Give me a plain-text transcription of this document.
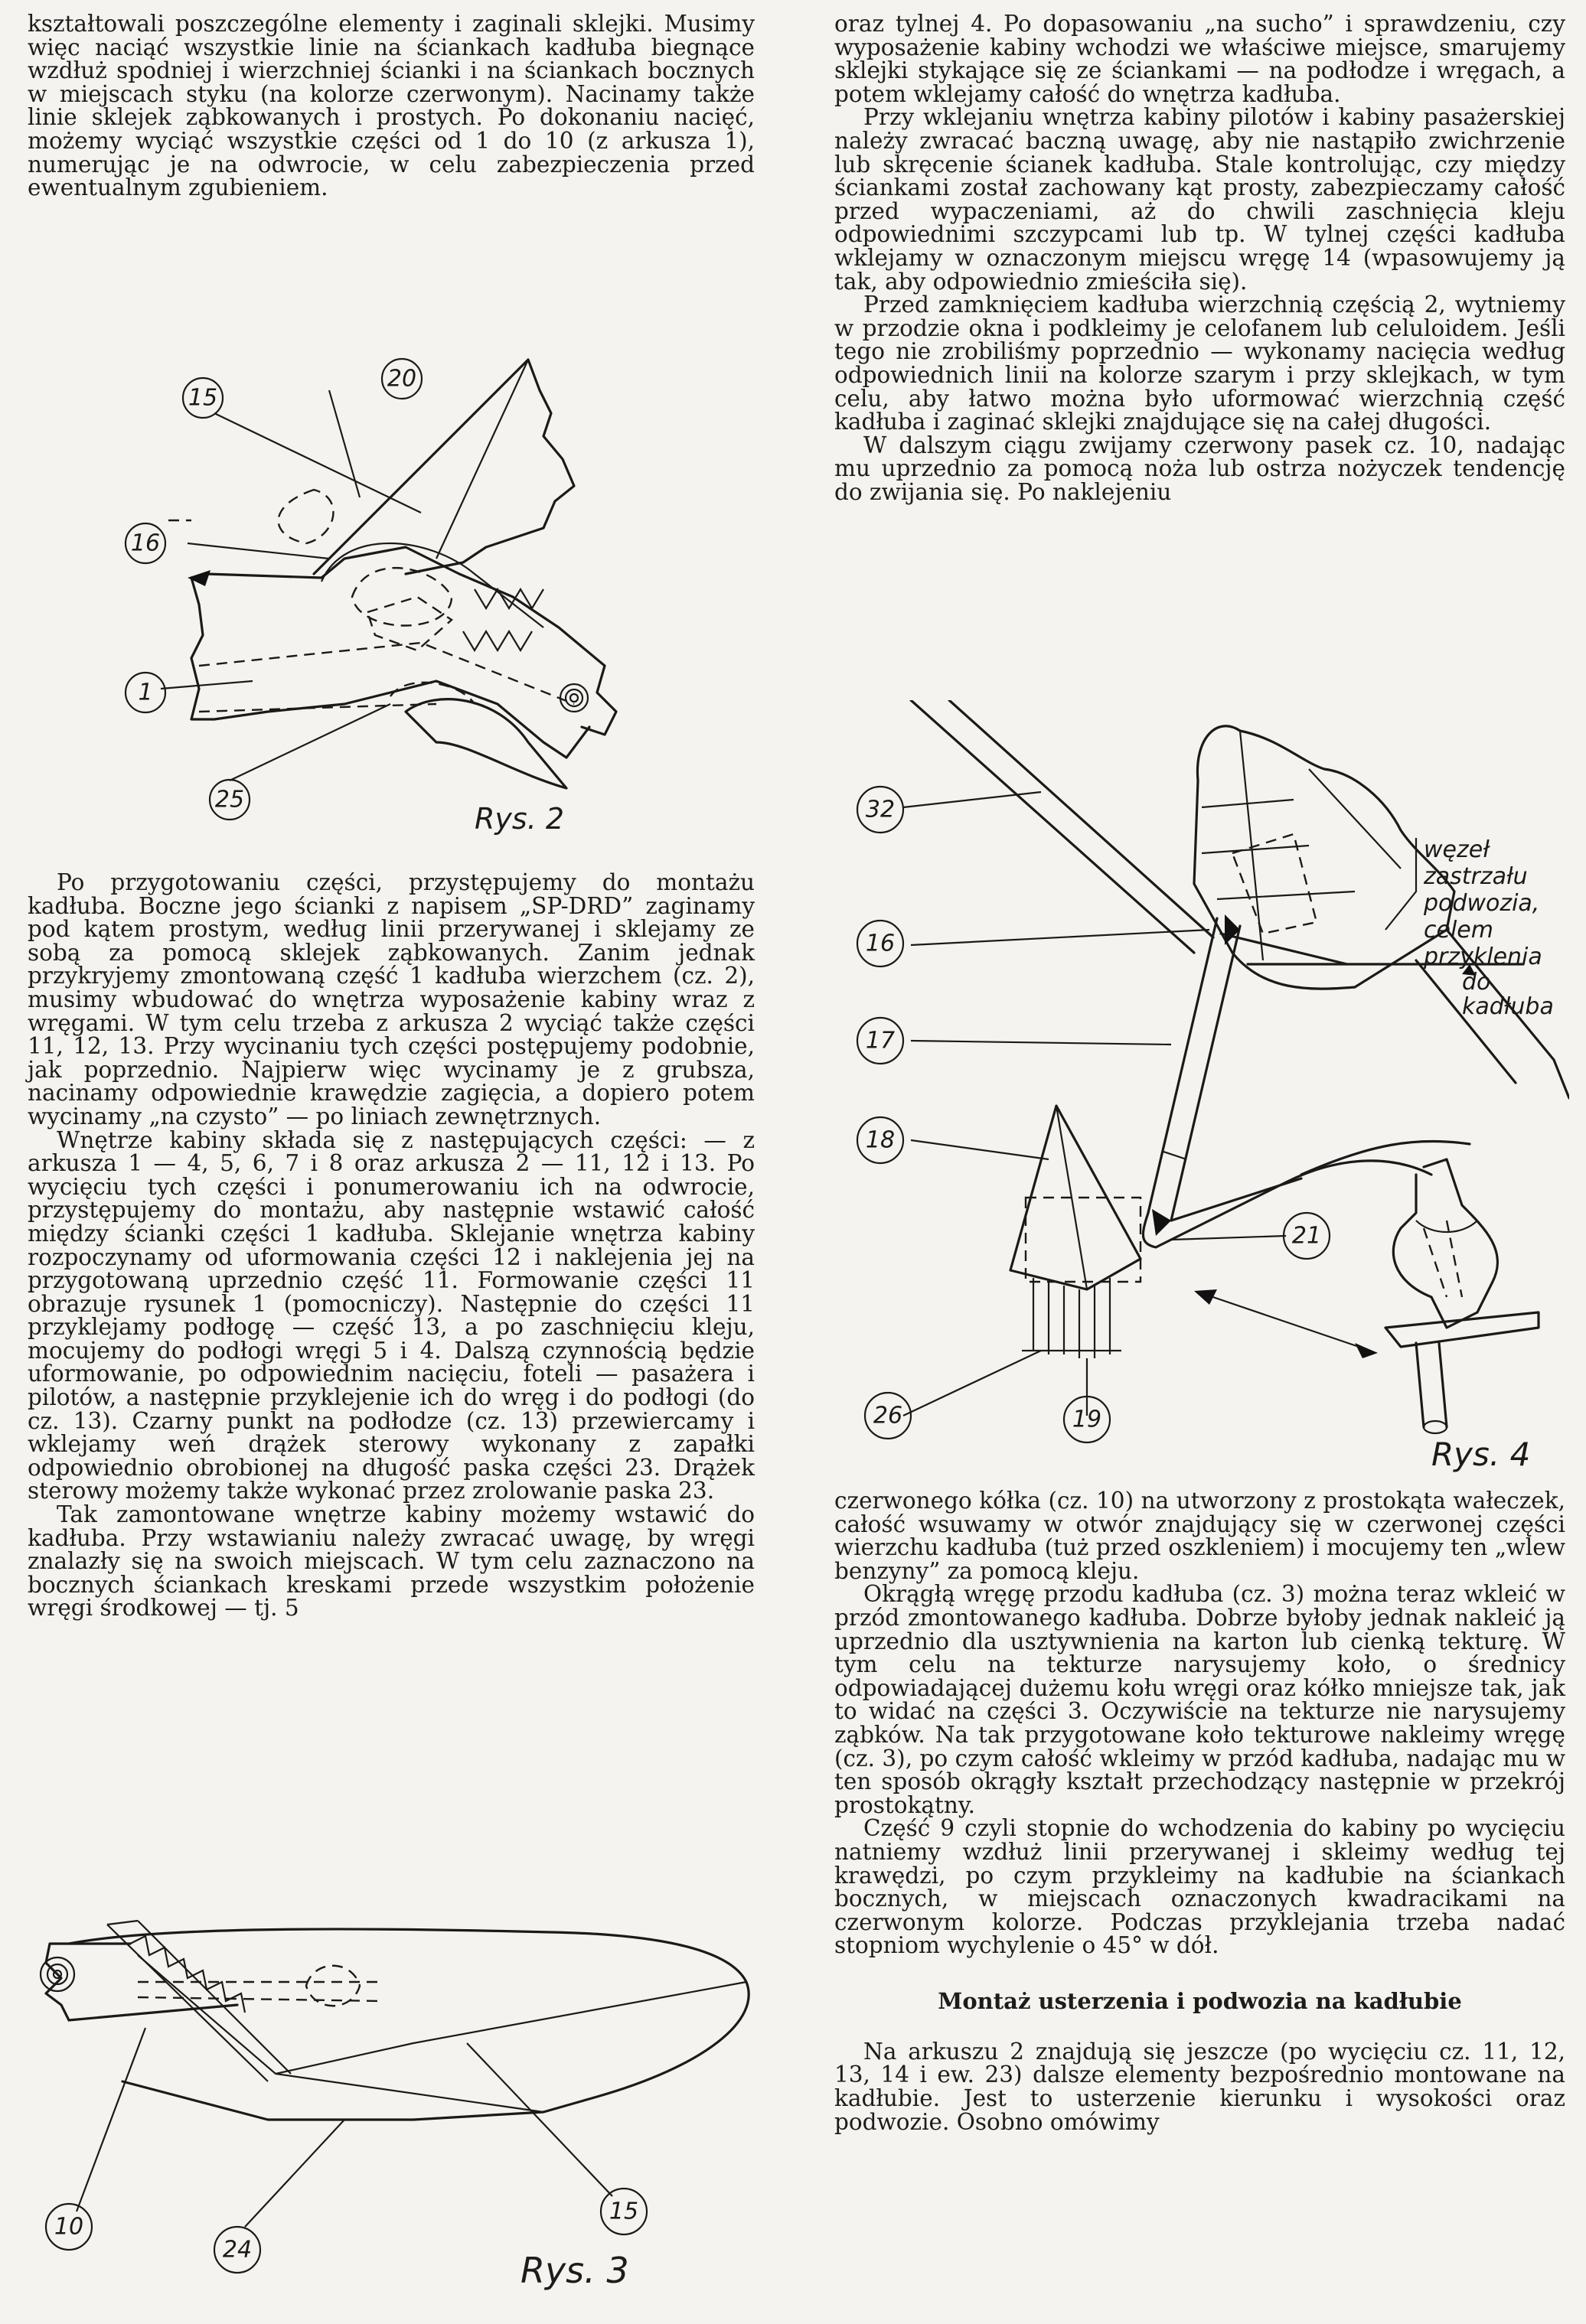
kształtowali poszczególne elementy i zaginali sklejki. Musimy więc naciąć wszystkie linie na ściankach kadłuba biegnące wzdłuż spodniej i wierzchniej ścianki i na ściankach bocznych w miejscach styku (na kolorze czerwonym). Nacinamy także linie sklejek ząbkowanych i prostych. Po dokonaniu nacięć, możemy wyciąć wszystkie części od 1 do 10 (z arkusza 1), numerując je na odwrocie, w celu zabezpieczenia przed ewentualnym zgubieniem.

15
20
16
1
25
Rys. 2

Po przygotowaniu części, przystępujemy do montażu kadłuba. Boczne jego ścianki z napisem „SP-DRD” zaginamy pod kątem prostym, według linii przerywanej i sklejamy ze sobą za pomocą sklejek ząbkowanych. Zanim jednak przykryjemy zmontowaną część 1 kadłuba wierzchem (cz. 2), musimy wbudować do wnętrza wyposażenie kabiny wraz z wręgami. W tym celu trzeba z arkusza 2 wyciąć także części 11, 12, 13. Przy wycinaniu tych części postępujemy podobnie, jak poprzednio. Najpierw więc wycinamy je z grubsza, nacinamy odpowiednie krawędzie zagięcia, a dopiero potem wycinamy „na czysto” — po liniach zewnętrznych.

Wnętrze kabiny składa się z następujących części: — z arkusza 1 — 4, 5, 6, 7 i 8 oraz arkusza 2 — 11, 12 i 13. Po wycięciu tych części i ponumerowaniu ich na odwrocie, przystępujemy do montażu, aby następnie wstawić całość między ścianki części 1 kadłuba. Sklejanie wnętrza kabiny rozpoczynamy od uformowania części 12 i naklejenia jej na przygotowaną uprzednio część 11. Formowanie części 11 obrazuje rysunek 1 (pomocniczy). Następnie do części 11 przyklejamy podłogę — część 13, a po zaschnięciu kleju, mocujemy do podłogi wręgi 5 i 4. Dalszą czynnością będzie uformowanie, po odpowiednim nacięciu, foteli — pasażera i pilotów, a następnie przyklejenie ich do wręg i do podłogi (do cz. 13). Czarny punkt na podłodze (cz. 13) przewiercamy i wklejamy weń drążek sterowy wykonany z zapałki odpowiednio obrobionej na długość paska części 23. Drążek sterowy możemy także wykonać przez zrolowanie paska 23.

Tak zamontowane wnętrze kabiny możemy wstawić do kadłuba. Przy wstawianiu należy zwracać uwagę, by wręgi znalazły się na swoich miejscach. W tym celu zaznaczono na bocznych ściankach kreskami przede wszystkim położenie wręgi środkowej — tj. 5

10
24
15
Rys. 3

oraz tylnej 4. Po dopasowaniu „na sucho” i sprawdzeniu, czy wyposażenie kabiny wchodzi we właściwe miejsce, smarujemy sklejki stykające się ze ściankami — na podłodze i wręgach, a potem wklejamy całość do wnętrza kadłuba.

Przy wklejaniu wnętrza kabiny pilotów i kabiny pasażerskiej należy zwracać baczną uwagę, aby nie nastąpiło zwichrzenie lub skręcenie ścianek kadłuba. Stale kontrolując, czy między ściankami został zachowany kąt prosty, zabezpieczamy całość przed wypaczeniami, aż do chwili zaschnięcia kleju odpowiednimi szczypcami lub tp. W tylnej części kadłuba wklejamy w oznaczonym miejscu wręgę 14 (wpasowujemy ją tak, aby odpowiednio zmieściła się).

Przed zamknięciem kadłuba wierzchnią częścią 2, wytniemy w przodzie okna i podkleimy je celofanem lub celuloidem. Jeśli tego nie zrobiliśmy poprzednio — wykonamy nacięcia według odpowiednich linii na kolorze szarym i przy sklejkach, w tym celu, aby łatwo można było uformować wierzchnią część kadłuba i zaginać sklejki znajdujące się na całej długości.

W dalszym ciągu zwijamy czerwony pasek cz. 10, nadając mu uprzednio za pomocą noża lub ostrza nożyczek tendencję do zwijania się. Po naklejeniu

węzeł
zastrzału
podwozia,
celem
przyklenia
do
kadłuba
32
16
17
18
21
26	19
Rys. 4

czerwonego kółka (cz. 10) na utworzony z prostokąta wałeczek, całość wsuwamy w otwór znajdujący się w czerwonej części wierzchu kadłuba (tuż przed oszkleniem) i mocujemy ten „wlew benzyny” za pomocą kleju.

Okrągłą wręgę przodu kadłuba (cz. 3) można teraz wkleić w przód zmontowanego kadłuba. Dobrze byłoby jednak nakleić ją uprzednio dla usztywnienia na karton lub cienką tekturę. W tym celu na tekturze narysujemy koło, o średnicy odpowiadającej dużemu kołu wręgi oraz kółko mniejsze tak, jak to widać na części 3. Oczywiście na tekturze nie narysujemy ząbków. Na tak przygotowane koło tekturowe nakleimy wręgę (cz. 3), po czym całość wkleimy w przód kadłuba, nadając mu w ten sposób okrągły kształt przechodzący następnie w przekrój prostokątny.

Część 9 czyli stopnie do wchodzenia do kabiny po wycięciu natniemy wzdłuż linii przerywanej i skleimy według tej krawędzi, po czym przykleimy na kadłubie na ściankach bocznych, w miejscach oznaczonych kwadracikami na czerwonym kolorze. Podczas przyklejania trzeba nadać stopniom wychylenie o 45° w dół.

Montaż usterzenia i podwozia na kadłubie

Na arkuszu 2 znajdują się jeszcze (po wycięciu cz. 11, 12, 13, 14 i ew. 23) dalsze elementy bezpośrednio montowane na kadłubie. Jest to usterzenie kierunku i wysokości oraz podwozie. Osobno omówimy
